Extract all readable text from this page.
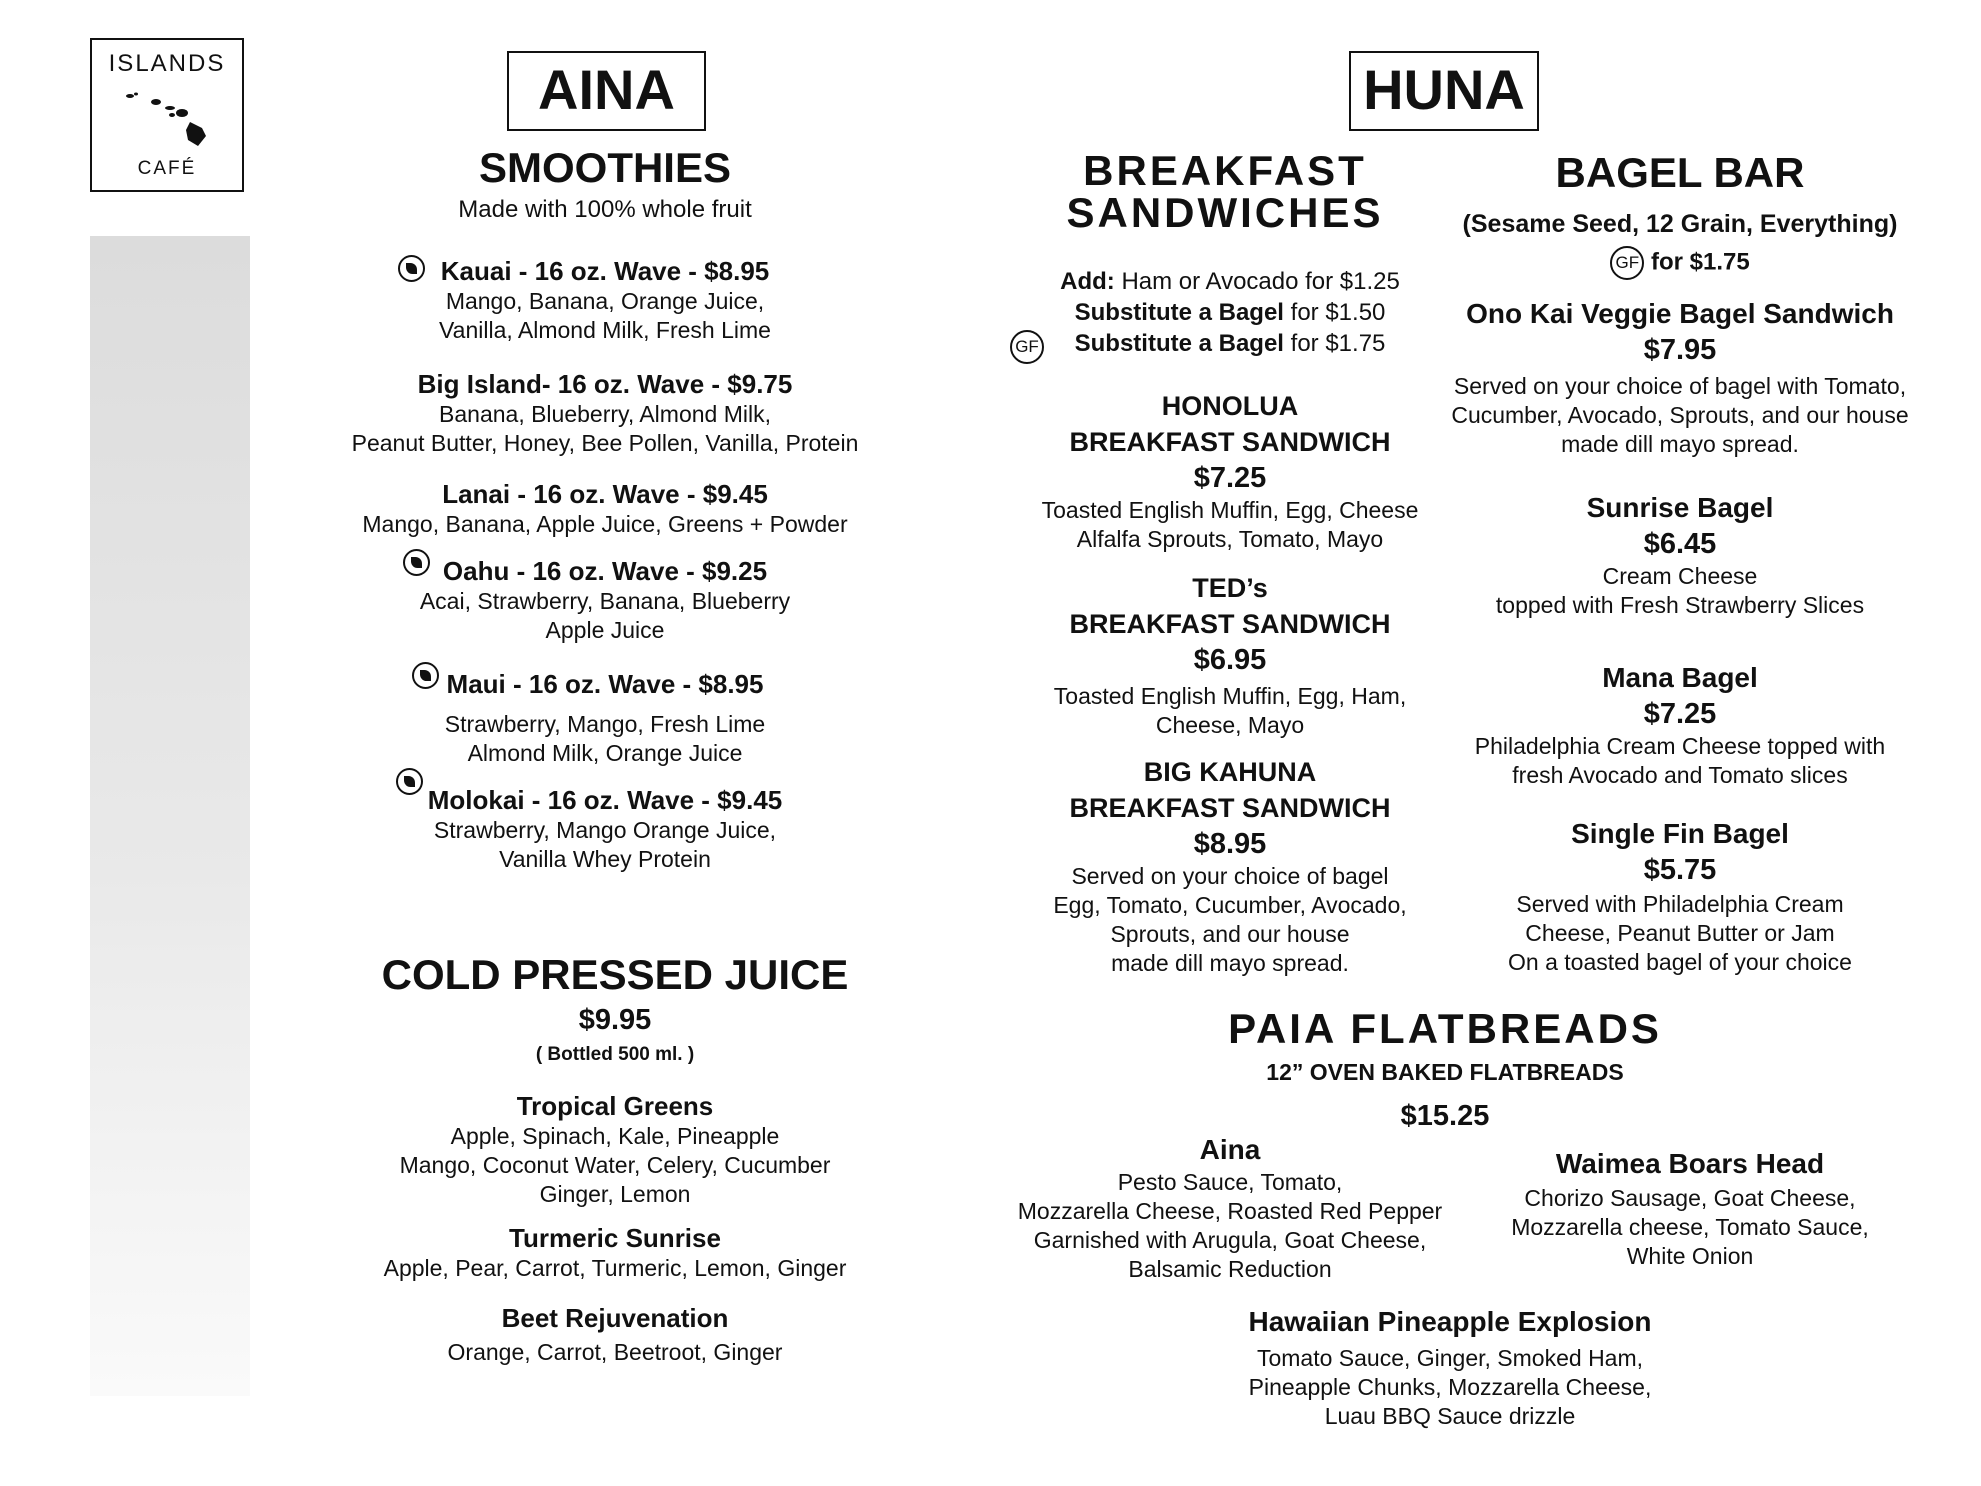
ISLANDS
CAFÉ
AINA
SMOOTHIES
Made with 100% whole fruit
Kauai - 16 oz. Wave - $8.95
Mango, Banana, Orange Juice,
Vanilla, Almond Milk, Fresh Lime
Big Island- 16 oz. Wave - $9.75
Banana, Blueberry, Almond Milk,
Peanut Butter, Honey, Bee Pollen, Vanilla, Protein
Lanai - 16 oz. Wave - $9.45
Mango, Banana, Apple Juice, Greens + Powder
Oahu - 16 oz. Wave - $9.25
Acai, Strawberry, Banana, Blueberry
Apple Juice
Maui - 16 oz. Wave - $8.95
Strawberry, Mango, Fresh Lime
Almond Milk, Orange Juice
Molokai - 16 oz. Wave - $9.45
Strawberry, Mango Orange Juice,
Vanilla Whey Protein
COLD PRESSED JUICE
$9.95
( Bottled 500 ml. )
Tropical Greens
Apple, Spinach, Kale, Pineapple
Mango, Coconut Water, Celery, Cucumber
Ginger, Lemon
Turmeric Sunrise
Apple, Pear, Carrot, Turmeric, Lemon, Ginger
Beet Rejuvenation
Orange, Carrot, Beetroot, Ginger
HUNA
BREAKFAST
SANDWICHES
Add: Ham or Avocado for $1.25
Substitute a Bagel for $1.50
GF Substitute a Bagel for $1.75
HONOLUA
BREAKFAST SANDWICH
$7.25
Toasted English Muffin, Egg, Cheese
Alfalfa Sprouts, Tomato, Mayo
TED’s
BREAKFAST SANDWICH
$6.95
Toasted English Muffin, Egg, Ham,
Cheese, Mayo
BIG KAHUNA
BREAKFAST SANDWICH
$8.95
Served on your choice of bagel
Egg, Tomato, Cucumber, Avocado,
Sprouts, and our house
made dill mayo spread.
BAGEL BAR
(Sesame Seed, 12 Grain, Everything)
GF for $1.75
Ono Kai Veggie Bagel Sandwich
$7.95
Served on your choice of bagel with Tomato,
Cucumber, Avocado, Sprouts, and our house
made dill mayo spread.
Sunrise Bagel
$6.45
Cream Cheese
topped with Fresh Strawberry Slices
Mana Bagel
$7.25
Philadelphia Cream Cheese topped with
fresh Avocado and Tomato slices
Single Fin Bagel
$5.75
Served with Philadelphia Cream
Cheese, Peanut Butter or Jam
On a toasted bagel of your choice
PAIA FLATBREADS
12” OVEN BAKED FLATBREADS
$15.25
Aina
Pesto Sauce, Tomato,
Mozzarella Cheese, Roasted Red Pepper
Garnished with Arugula, Goat Cheese,
Balsamic Reduction
Waimea Boars Head
Chorizo Sausage, Goat Cheese,
Mozzarella cheese, Tomato Sauce,
White Onion
Hawaiian Pineapple Explosion
Tomato Sauce, Ginger, Smoked Ham,
Pineapple Chunks, Mozzarella Cheese,
Luau BBQ Sauce drizzle
